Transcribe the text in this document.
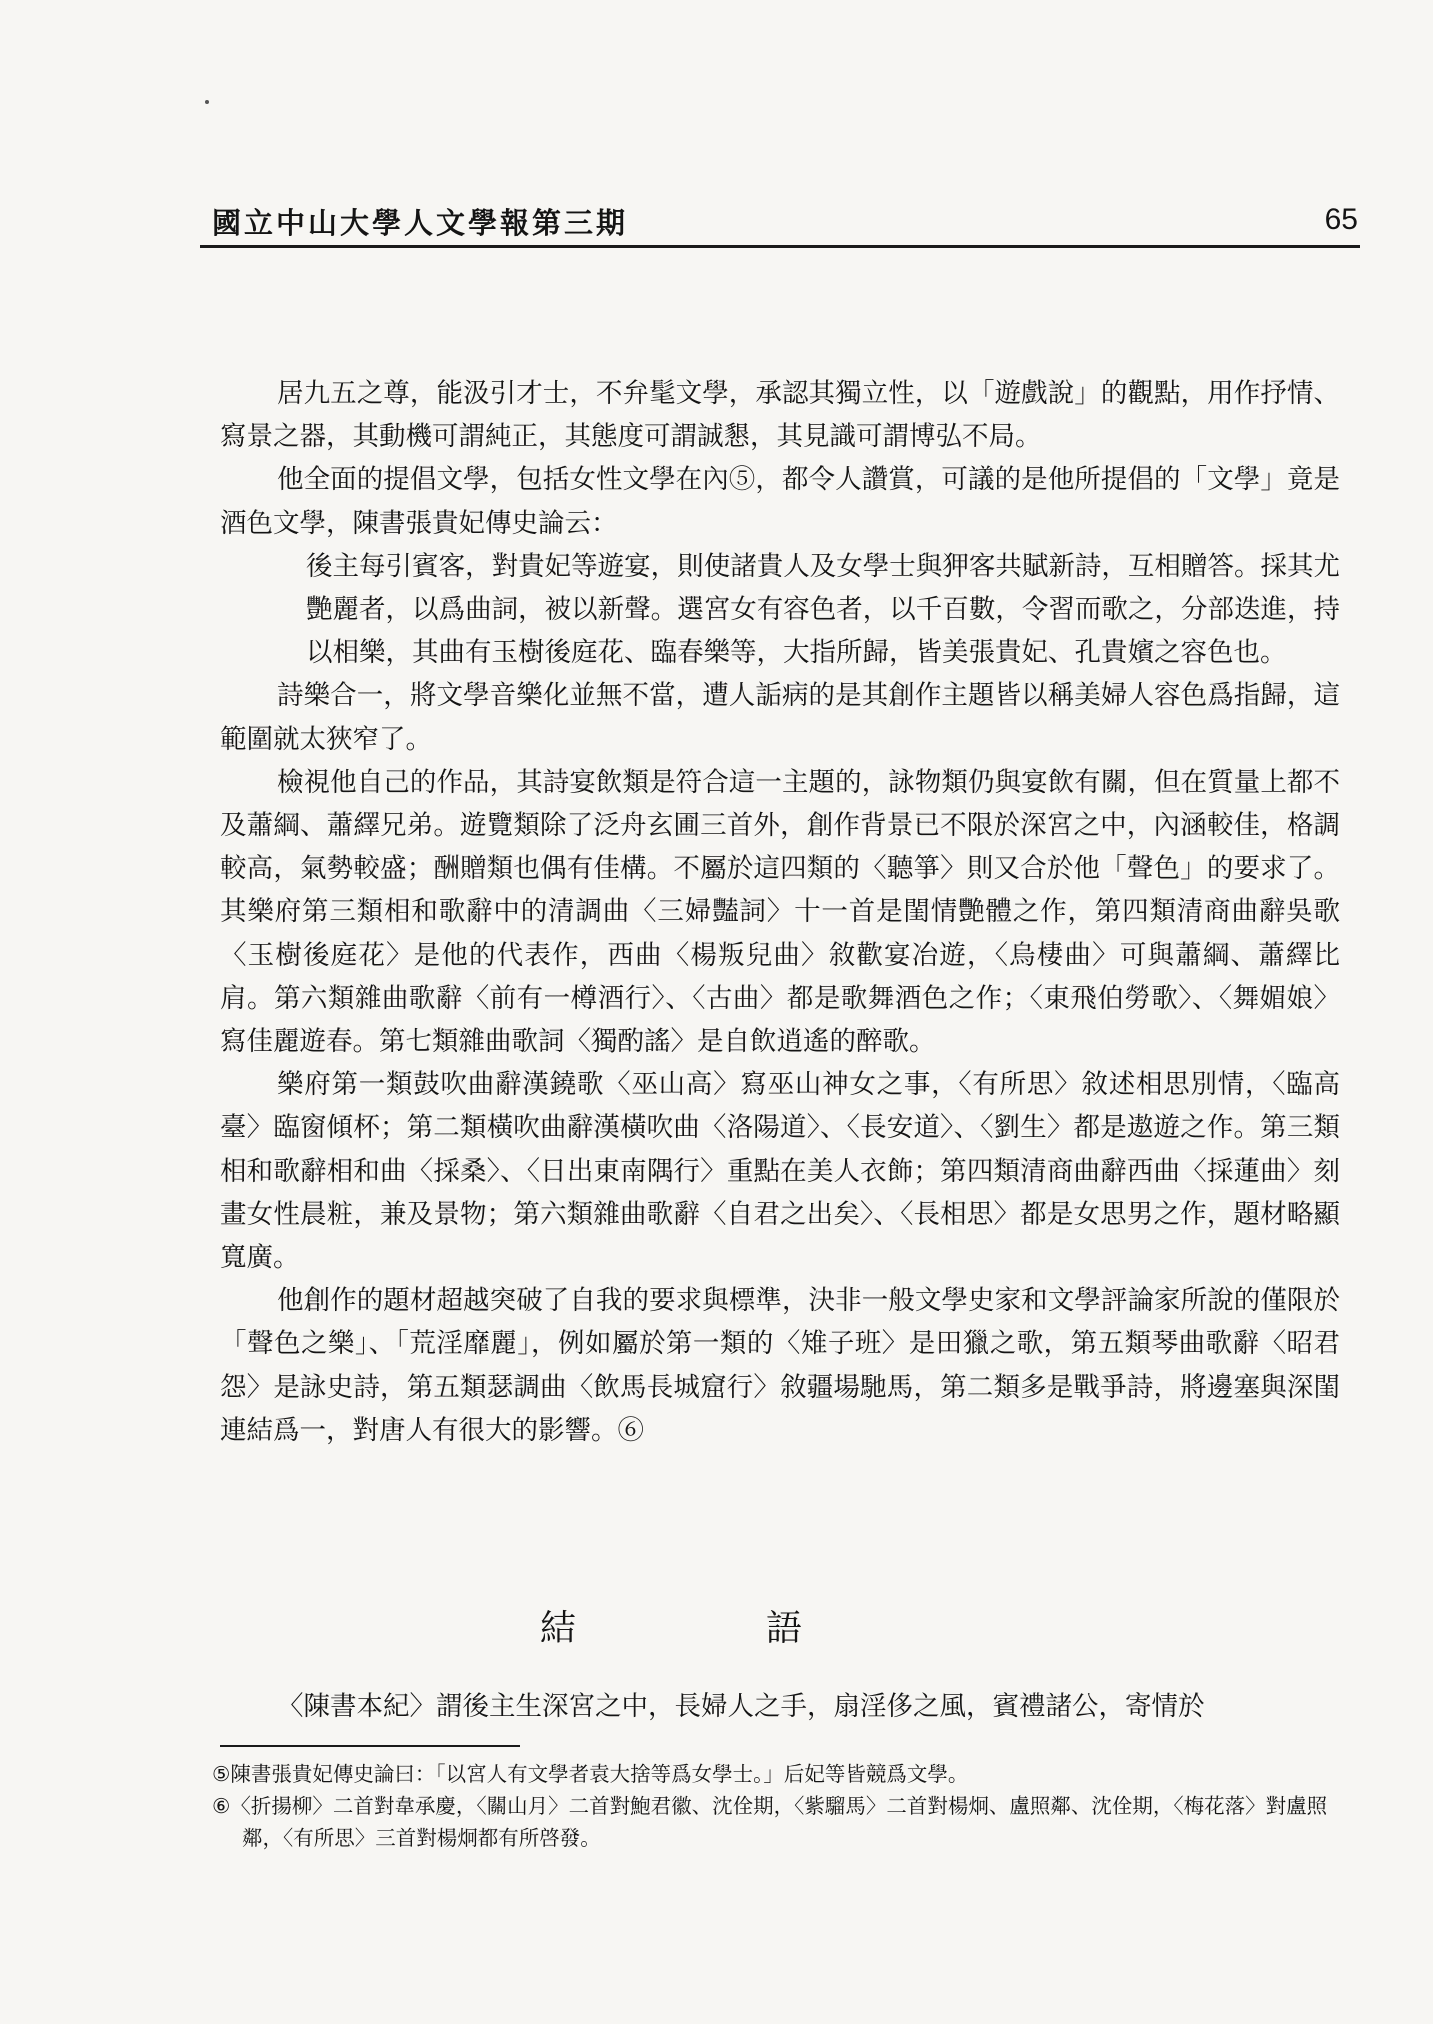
國立中山大學人文學報第三期	65

居九五之尊，能汲引才士，不弁髦文學，承認其獨立性，以「遊戲說」的觀點，用作抒情、寫景之器，其動機可謂純正，其態度可謂誠懇，其見識可謂博弘不局。

他全面的提倡文學，包括女性文學在內⑤，都令人讚賞，可議的是他所提倡的「文學」竟是酒色文學，陳書張貴妃傳史論云：

後主每引賓客，對貴妃等遊宴，則使諸貴人及女學士與狎客共賦新詩，互相贈答。採其尤艷麗者，以爲曲詞，被以新聲。選宮女有容色者，以千百數，令習而歌之，分部迭進，持以相樂，其曲有玉樹後庭花、臨春樂等，大指所歸，皆美張貴妃、孔貴嬪之容色也。

詩樂合一，將文學音樂化並無不當，遭人詬病的是其創作主題皆以稱美婦人容色爲指歸，這範圍就太狹窄了。

檢視他自己的作品，其詩宴飲類是符合這一主題的，詠物類仍與宴飲有關，但在質量上都不及蕭綱、蕭繹兄弟。遊覽類除了泛舟玄圃三首外，創作背景已不限於深宮之中，內涵較佳，格調較高，氣勢較盛；酬贈類也偶有佳構。不屬於這四類的〈聽箏〉則又合於他「聲色」的要求了。其樂府第三類相和歌辭中的清調曲〈三婦豔詞〉十一首是閨情艷體之作，第四類清商曲辭吳歌〈玉樹後庭花〉是他的代表作，西曲〈楊叛兒曲〉敘歡宴冶遊，〈烏棲曲〉可與蕭綱、蕭繹比肩。第六類雜曲歌辭〈前有一樽酒行〉、〈古曲〉都是歌舞酒色之作；〈東飛伯勞歌〉、〈舞媚娘〉寫佳麗遊春。第七類雜曲歌詞〈獨酌謠〉是自飲逍遙的醉歌。

樂府第一類鼓吹曲辭漢鐃歌〈巫山高〉寫巫山神女之事，〈有所思〉敘述相思別情，〈臨高臺〉臨窗傾杯；第二類橫吹曲辭漢橫吹曲〈洛陽道〉、〈長安道〉、〈劉生〉都是遨遊之作。第三類相和歌辭相和曲〈採桑〉、〈日出東南隅行〉重點在美人衣飾；第四類清商曲辭西曲〈採蓮曲〉刻畫女性晨粧，兼及景物；第六類雜曲歌辭〈自君之出矣〉、〈長相思〉都是女思男之作，題材略顯寬廣。

他創作的題材超越突破了自我的要求與標準，決非一般文學史家和文學評論家所說的僅限於「聲色之樂」、「荒淫靡麗」，例如屬於第一類的〈雉子班〉是田獵之歌，第五類琴曲歌辭〈昭君怨〉是詠史詩，第五類瑟調曲〈飲馬長城窟行〉敘疆場馳馬，第二類多是戰爭詩，將邊塞與深閨連結爲一，對唐人有很大的影響。⑥

結語

〈陳書本紀〉謂後主生深宮之中，長婦人之手，扇淫侈之風，賓禮諸公，寄情於

⑤陳書張貴妃傳史論曰：「以宮人有文學者袁大捨等爲女學士。」后妃等皆競爲文學。

⑥〈折揚柳〉二首對韋承慶，〈關山月〉二首對鮑君徽、沈佺期，〈紫騮馬〉二首對楊炯、盧照鄰、沈佺期，〈梅花落〉對盧照鄰，〈有所思〉三首對楊炯都有所啓發。
